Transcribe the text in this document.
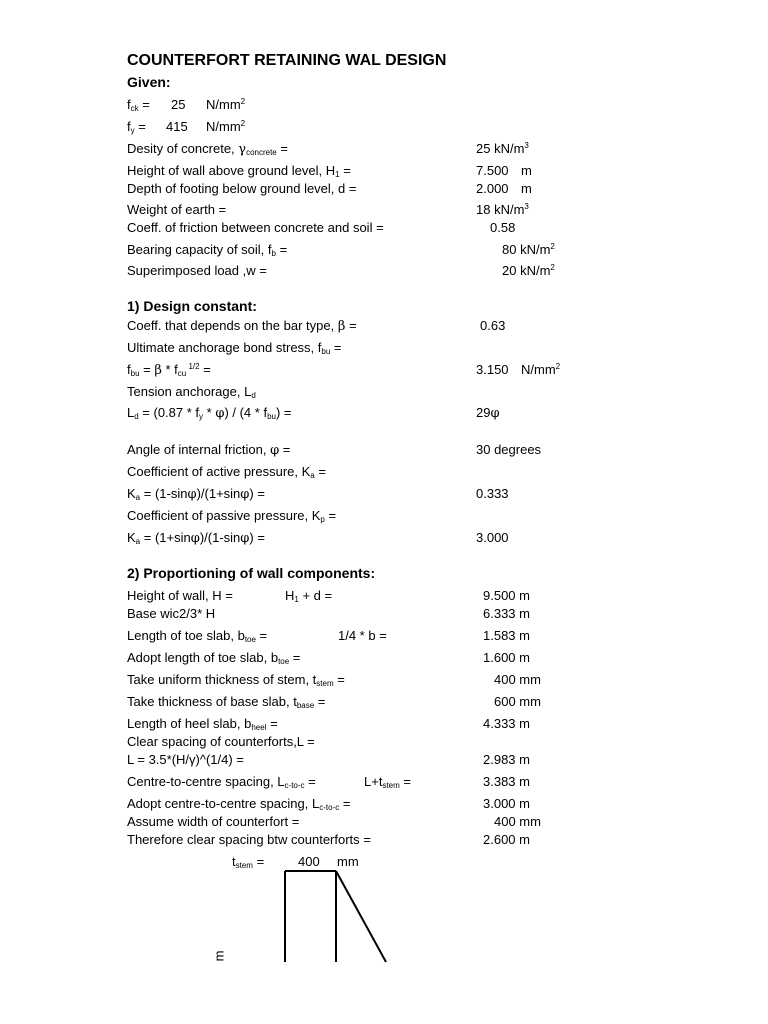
COUNTERFORT RETAINING WAL DESIGN
Given:
$f_{ck} = 25$ $N/mm^2$
$f_y = 415$ $N/mm^2$
Desity of concrete, $\gamma_{concrete}$ =	25 $kN/m^3$
Height of wall above ground level, $H_1$ =	7.500 m
Depth of footing below ground level, d =	2.000 m
Weight of earth =	18 $kN/m^3$
Coeff. of friction between concrete and soil =	0.58
Bearing capacity of soil, $f_b$ =	80 $kN/m^2$
Superimposed load ,w =	20 $kN/m^2$
1) Design constant:
Coeff. that depends on the bar type, β =	0.63
Ultimate anchorage bond stress, $f_{bu}$ =
$f_{bu} = \beta * f_{cu}$ $^{1/2}$ =	3.150 $N/mm^2$
Tension anchorage, $L_d$
$L_d = (0.87 * f_y * \varphi) / (4 * f_{bu})$ =	29φ
Angle of internal friction, φ =	30 degrees
Coefficient of active pressure, $K_a$ =
$K_a = (1-\sin\varphi)/(1+\sin\varphi)$ =	0.333
Coefficient of passive pressure, $K_p$ =
$K_a = (1+\sin\varphi)/(1-\sin\varphi)$ =	3.000
2) Proportioning of wall components:
Height of wall, H =	$H_1 + d$ =	9.500 m
Base wic2/3* H	6.333 m
Length of toe slab, $b_{toe}$ =	1/4 * b =	1.583 m
Adopt length of toe slab, $b_{toe}$ =	1.600 m
Take uniform thickness of stem, $t_{stem}$ =	400 mm
Take thickness of base slab, $t_{base}$ =	600 mm
Length of heel slab, $b_{heel}$ =	4.333 m
Clear spacing of counterforts,L =
L = 3.5*(H/γ)^(1/4) =	2.983 m
Centre-to-centre spacing, $L_{c-to-c}$ =	$L+t_{stem}$ =	3.383 m
Adopt centre-to-centre spacing, $L_{c-to-c}$ =	3.000 m
Assume width of counterfort =	400 mm
Therefore clear spacing btw counterforts =	2.600 m
$t_{stem}$ =	400 mm
m
